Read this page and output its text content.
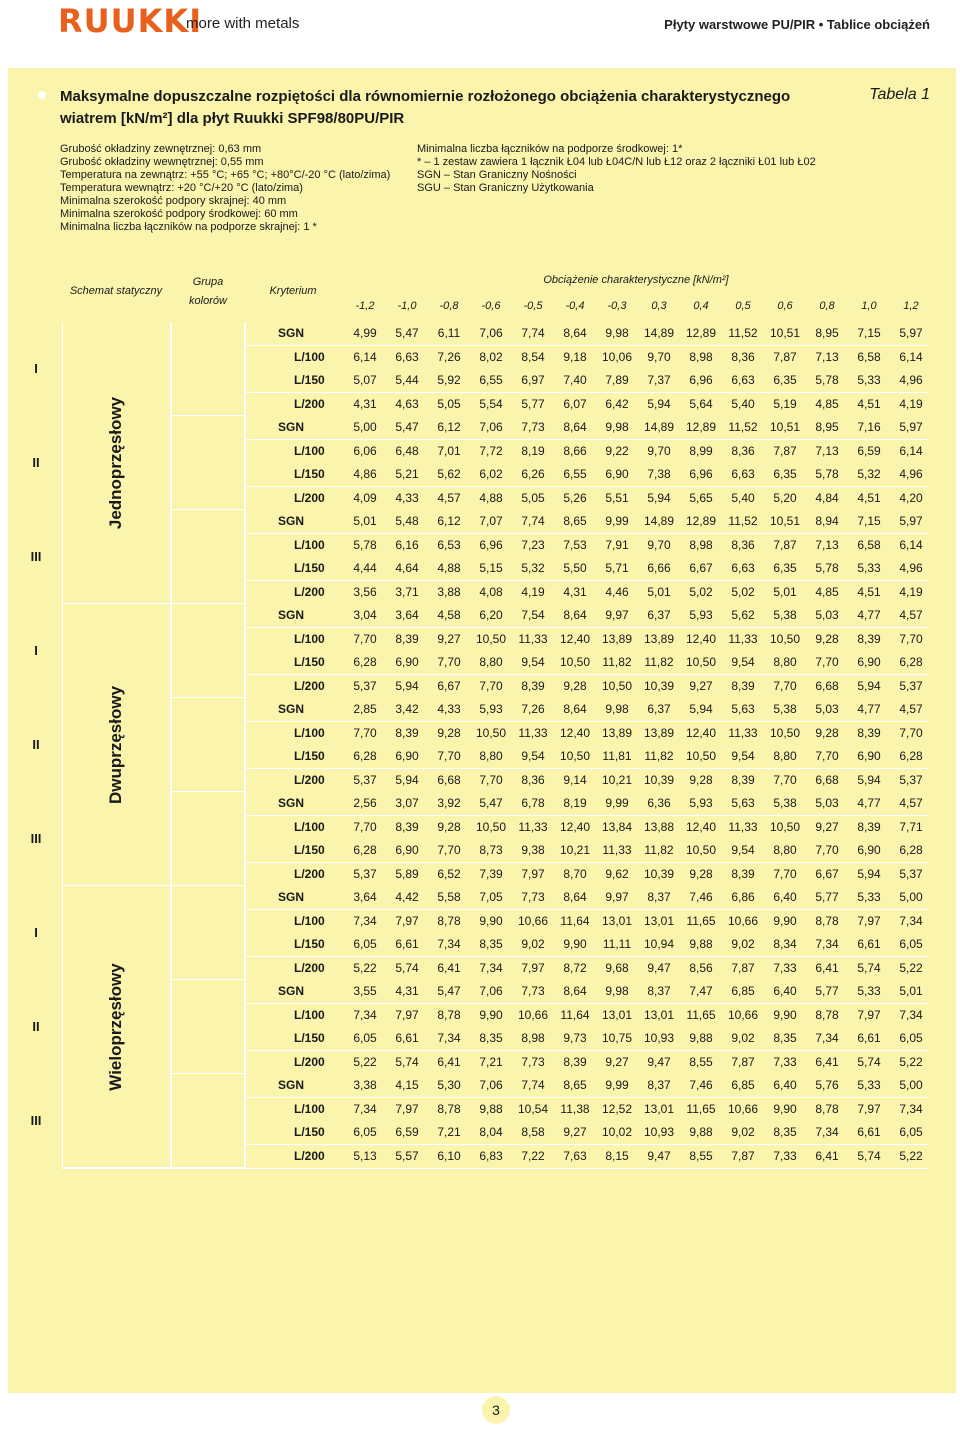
RUUKKI
more with metals	Płyty warstwowe PU/PIR • Tablice obciążeń
Maksymalne dopuszczalne rozpiętości dla równomiernie rozłożonego obciążenia charakterystycznego
wiatrem [kN/m²] dla płyt Ruukki SPF98/80PU/PIR
Tabela 1
Grubość okładziny zewnętrznej: 0,63 mm
Grubość okładziny wewnętrznej: 0,55 mm
Temperatura na zewnątrz: +55 °C; +65 °C; +80°C/-20 °C (lato/zima)
Temperatura wewnątrz: +20 °C/+20 °C (lato/zima)
Minimalna szerokość podpory skrajnej: 40 mm
Minimalna szerokość podpory środkowej: 60 mm
Minimalna liczba łączników na podporze skrajnej: 1 *
Minimalna liczba łączników na podporze środkowej: 1*
* – 1 zestaw zawiera 1 łącznik Ł04 lub Ł04C/N lub Ł12 oraz 2 łączniki Ł01 lub Ł02
SGN – Stan Graniczny Nośności
SGU – Stan Graniczny Użytkowania
Schemat statyczny
Grupa
kolorów
Kryterium
Obciążenie charakterystyczne [kN/m²]
-1,2	-1,0	-0,8	-0,6	-0,5	-0,4	-0,3	0,3	0,4	0,5	0,6	0,8	1,0	1,2
Jednoprzęsłowy
I
SGN	4,99	5,47	6,11	7,06	7,74	8,64	9,98	14,89 12,89	11,52	10,51	8,95	7,15	5,97
L/100	6,14	6,63	7,26	8,02	8,54	9,18	10,06	9,70	8,98	8,36	7,87	7,13	6,58	6,14
L/150	5,07	5,44	5,92	6,55	6,97	7,40	7,89	7,37	6,96	6,63	6,35	5,78	5,33	4,96
L/200	4,31	4,63	5,05	5,54	5,77	6,07	6,42	5,94	5,64	5,40	5,19	4,85	4,51	4,19
II
SGN	5,00	5,47	6,12	7,06	7,73	8,64	9,98	14,89 12,89	11,52	10,51	8,95	7,16	5,97
L/100	6,06	6,48	7,01	7,72	8,19	8,66	9,22	9,70	8,99	8,36	7,87	7,13	6,59	6,14
L/150	4,86	5,21	5,62	6,02	6,26	6,55	6,90	7,38	6,96	6,63	6,35	5,78	5,32	4,96
L/200	4,09	4,33	4,57	4,88	5,05	5,26	5,51	5,94	5,65	5,40	5,20	4,84	4,51	4,20
III
SGN	5,01	5,48	6,12	7,07	7,74	8,65	9,99	14,89 12,89	11,52	10,51	8,94	7,15	5,97
L/100	5,78	6,16	6,53	6,96	7,23	7,53	7,91	9,70	8,98	8,36	7,87	7,13	6,58	6,14
L/150	4,44	4,64	4,88	5,15	5,32	5,50	5,71	6,66	6,67	6,63	6,35	5,78	5,33	4,96
L/200	3,56	3,71	3,88	4,08	4,19	4,31	4,46	5,01	5,02	5,02	5,01	4,85	4,51	4,19
Dwuprzęsłowy
I
SGN	3,04	3,64	4,58	6,20	7,54	8,64	9,97	6,37	5,93	5,62	5,38	5,03	4,77	4,57
L/100	7,70	8,39	9,27	10,50	11,33	12,40 13,89 13,89 12,40	11,33	10,50	9,28	8,39	7,70
L/150	6,28	6,90	7,70	8,80	9,54	10,50	11,82	11,82	10,50	9,54	8,80	7,70	6,90	6,28
L/200	5,37	5,94	6,67	7,70	8,39	9,28	10,50 10,39	9,27	8,39	7,70	6,68	5,94	5,37
II
SGN	2,85	3,42	4,33	5,93	7,26	8,64	9,98	6,37	5,94	5,63	5,38	5,03	4,77	4,57
L/100	7,70	8,39	9,28	10,50	11,33	12,40 13,89 13,89 12,40	11,33	10,50	9,28	8,39	7,70
L/150	6,28	6,90	7,70	8,80	9,54	10,50	11,81	11,82	10,50	9,54	8,80	7,70	6,90	6,28
L/200	5,37	5,94	6,68	7,70	8,36	9,14	10,21 10,39	9,28	8,39	7,70	6,68	5,94	5,37
III
SGN	2,56	3,07	3,92	5,47	6,78	8,19	9,99	6,36	5,93	5,63	5,38	5,03	4,77	4,57
L/100	7,70	8,39	9,28	10,50	11,33	12,40 13,84 13,88 12,40	11,33	10,50	9,27	8,39	7,71
L/150	6,28	6,90	7,70	8,73	9,38	10,21	11,33	11,82	10,50	9,54	8,80	7,70	6,90	6,28
L/200	5,37	5,89	6,52	7,39	7,97	8,70	9,62	10,39	9,28	8,39	7,70	6,67	5,94	5,37
Wieloprzęsłowy
I
SGN	3,64	4,42	5,58	7,05	7,73	8,64	9,97	8,37	7,46	6,86	6,40	5,77	5,33	5,00
L/100	7,34	7,97	8,78	9,90	10,66	11,64	13,01 13,01	11,65	10,66	9,90	8,78	7,97	7,34
L/150	6,05	6,61	7,34	8,35	9,02	9,90	11,11	10,94	9,88	9,02	8,34	7,34	6,61	6,05
L/200	5,22	5,74	6,41	7,34	7,97	8,72	9,68	9,47	8,56	7,87	7,33	6,41	5,74	5,22
II
SGN	3,55	4,31	5,47	7,06	7,73	8,64	9,98	8,37	7,47	6,85	6,40	5,77	5,33	5,01
L/100	7,34	7,97	8,78	9,90	10,66	11,64	13,01 13,01	11,65	10,66	9,90	8,78	7,97	7,34
L/150	6,05	6,61	7,34	8,35	8,98	9,73	10,75 10,93	9,88	9,02	8,35	7,34	6,61	6,05
L/200	5,22	5,74	6,41	7,21	7,73	8,39	9,27	9,47	8,55	7,87	7,33	6,41	5,74	5,22
III
SGN	3,38	4,15	5,30	7,06	7,74	8,65	9,99	8,37	7,46	6,85	6,40	5,76	5,33	5,00
L/100	7,34	7,97	8,78	9,88	10,54	11,38	12,52 13,01	11,65	10,66	9,90	8,78	7,97	7,34
L/150	6,05	6,59	7,21	8,04	8,58	9,27	10,02 10,93	9,88	9,02	8,35	7,34	6,61	6,05
L/200	5,13	5,57	6,10	6,83	7,22	7,63	8,15	9,47	8,55	7,87	7,33	6,41	5,74	5,22
3
